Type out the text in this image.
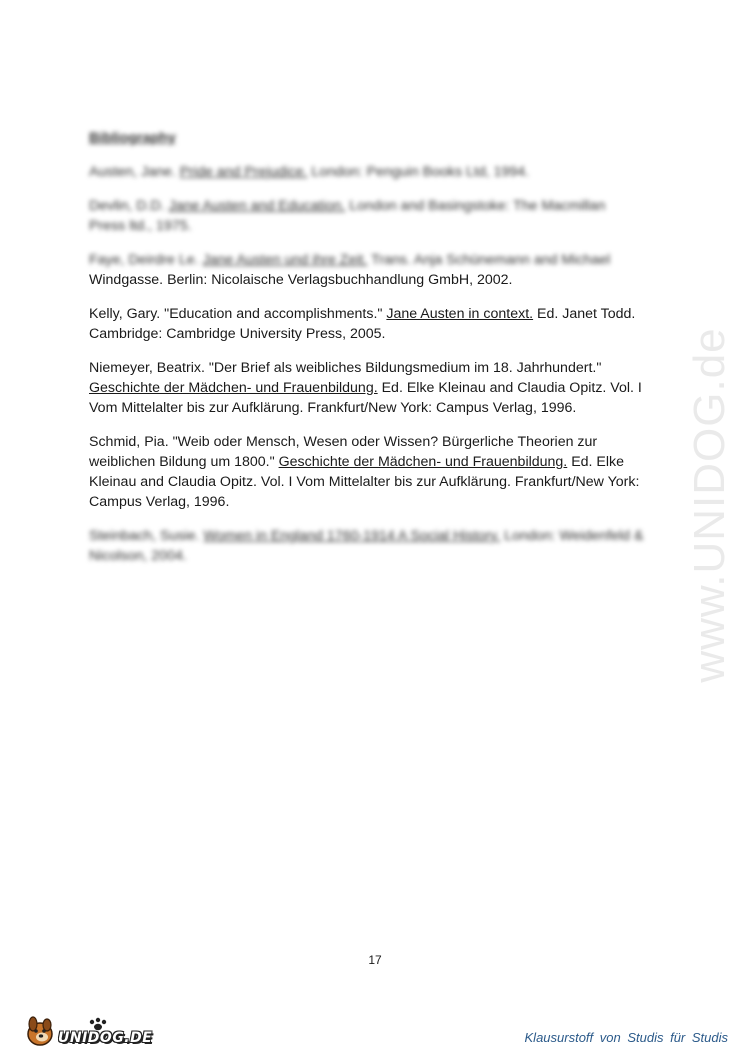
www.UNIDOG.de
Bibliography

Austen, Jane. Pride and Prejudice. London: Penguin Books Ltd, 1994.

Devlin, D.D. Jane Austen and Education. London and Basingstoke: The Macmillan Press ltd., 1975.

Faye, Deirdre Le. Jane Austen und ihre Zeit. Trans. Anja Schünemann and Michael
Windgasse. Berlin: Nicolaische Verlagsbuchhandlung GmbH, 2002.

Kelly, Gary. "Education and accomplishments." Jane Austen in context. Ed. Janet Todd. Cambridge: Cambridge University Press, 2005.

Niemeyer, Beatrix. "Der Brief als weibliches Bildungsmedium im 18. Jahrhundert." Geschichte der Mädchen- und Frauenbildung. Ed. Elke Kleinau and Claudia Opitz. Vol. I Vom Mittelalter bis zur Aufklärung. Frankfurt/New York: Campus Verlag, 1996.

Schmid, Pia. "Weib oder Mensch, Wesen oder Wissen? Bürgerliche Theorien zur weiblichen Bildung um 1800." Geschichte der Mädchen- und Frauenbildung. Ed. Elke Kleinau and Claudia Opitz. Vol. I Vom Mittelalter bis zur Aufklärung. Frankfurt/New York: Campus Verlag, 1996.

Steinbach, Susie. Women in England 1760-1914 A Social History. London: Weidenfeld & Nicolson, 2004.

17
UNIDOG.DE	Klausurstoff von Studis für Studis
